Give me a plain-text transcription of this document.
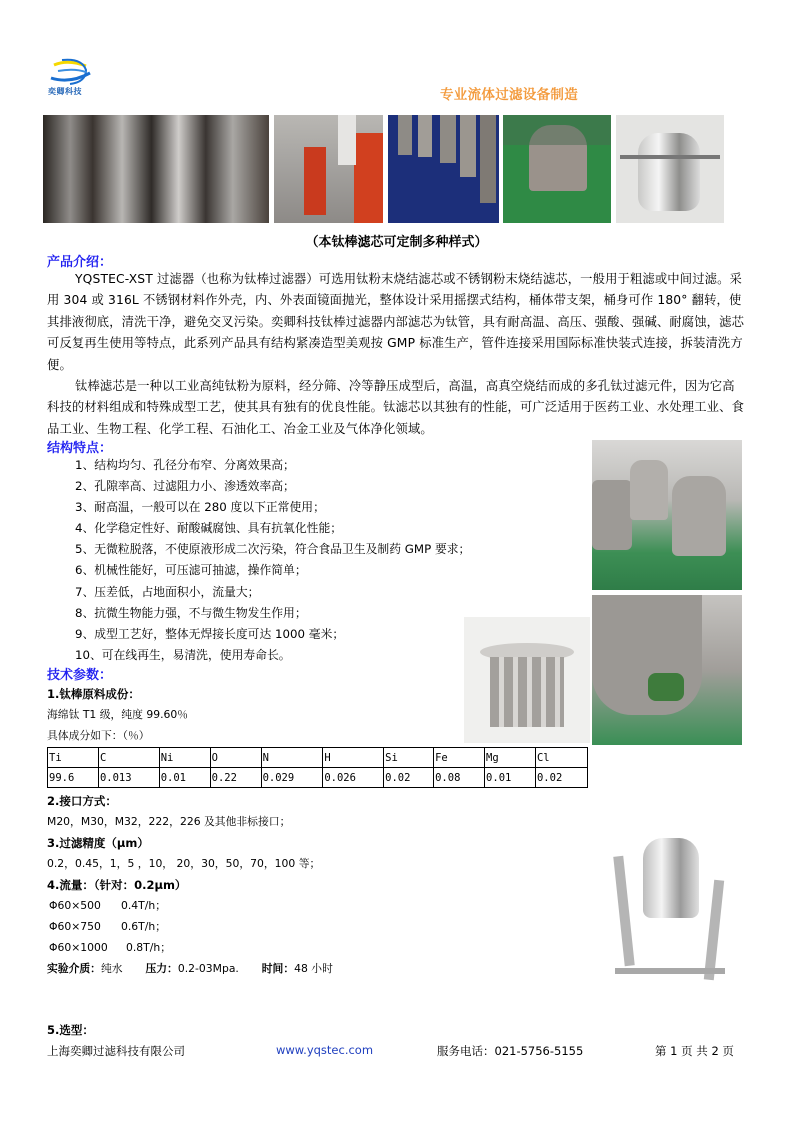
奕卿科技	专业流体过滤设备制造
（本钛棒滤芯可定制多种样式）
产品介绍：

YQSTEC-XST 过滤器（也称为钛棒过滤器）可选用钛粉末烧结滤芯或不锈钢粉末烧结滤芯，一般用于粗滤或中间过滤。采用 304 或 316L 不锈钢材料作外壳，内、外表面镜面抛光，整体设计采用摇摆式结构，桶体带支架，桶身可作 180° 翻转，使其排液彻底，清洗干净，避免交叉污染。奕卿科技钛棒过滤器内部滤芯为钛管，具有耐高温、高压、强酸、强碱、耐腐蚀，滤芯可反复再生使用等特点，此系列产品具有结构紧凑造型美观按 GMP 标准生产，管件连接采用国际标准快装式连接，拆装清洗方便。

钛棒滤芯是一种以工业高纯钛粉为原料，经分筛、冷等静压成型后，高温，高真空烧结而成的多孔钛过滤元件，因为它高科技的材料组成和特殊成型工艺，使其具有独有的优良性能。钛滤芯以其独有的性能，可广泛适用于医药工业、水处理工业、食品工业、生物工程、化学工程、石油化工、冶金工业及气体净化领域。

结构特点：
1、结构均匀、孔径分布窄、分离效果高；
2、孔隙率高、过滤阻力小、渗透效率高；
3、耐高温，一般可以在 280 度以下正常使用；
4、化学稳定性好、耐酸碱腐蚀、具有抗氧化性能；
5、无微粒脱落，不使原液形成二次污染，符合食品卫生及制药 GMP 要求；
6、机械性能好，可压滤可抽滤，操作简单；
7、压差低，占地面积小，流量大；
8、抗微生物能力强，不与微生物发生作用；
9、成型工艺好，整体无焊接长度可达 1000 毫米；
10、可在线再生，易清洗，使用寿命长。
技术参数：
1.钛棒原料成份：
海绵钛 T1 级，纯度 99.60％
具体成分如下：（％）
Ti	C	Ni	O	N	H	Si	Fe	Mg	Cl
99.6	0.013	0.01	0.22	0.029	0.026	0.02	0.08	0.01	0.02
2.接口方式：
M20，M30，M32，222，226 及其他非标接口；
3.过滤精度（μm）
0.2，0.45，1，5 ，10， 20，30，50，70，100 等；
4.流量：（针对：0.2μm）
Φ60×500 0.4T/h；
Φ60×750 0.6T/h；
Φ60×1000 0.8T/h；
实验介质：纯水 压力：0.2-03Mpa. 时间：48 小时
5.选型：
上海奕卿过滤科技有限公司	www.yqstec.com	服务电话：021-5756-5155	第 1 页 共 2 页
